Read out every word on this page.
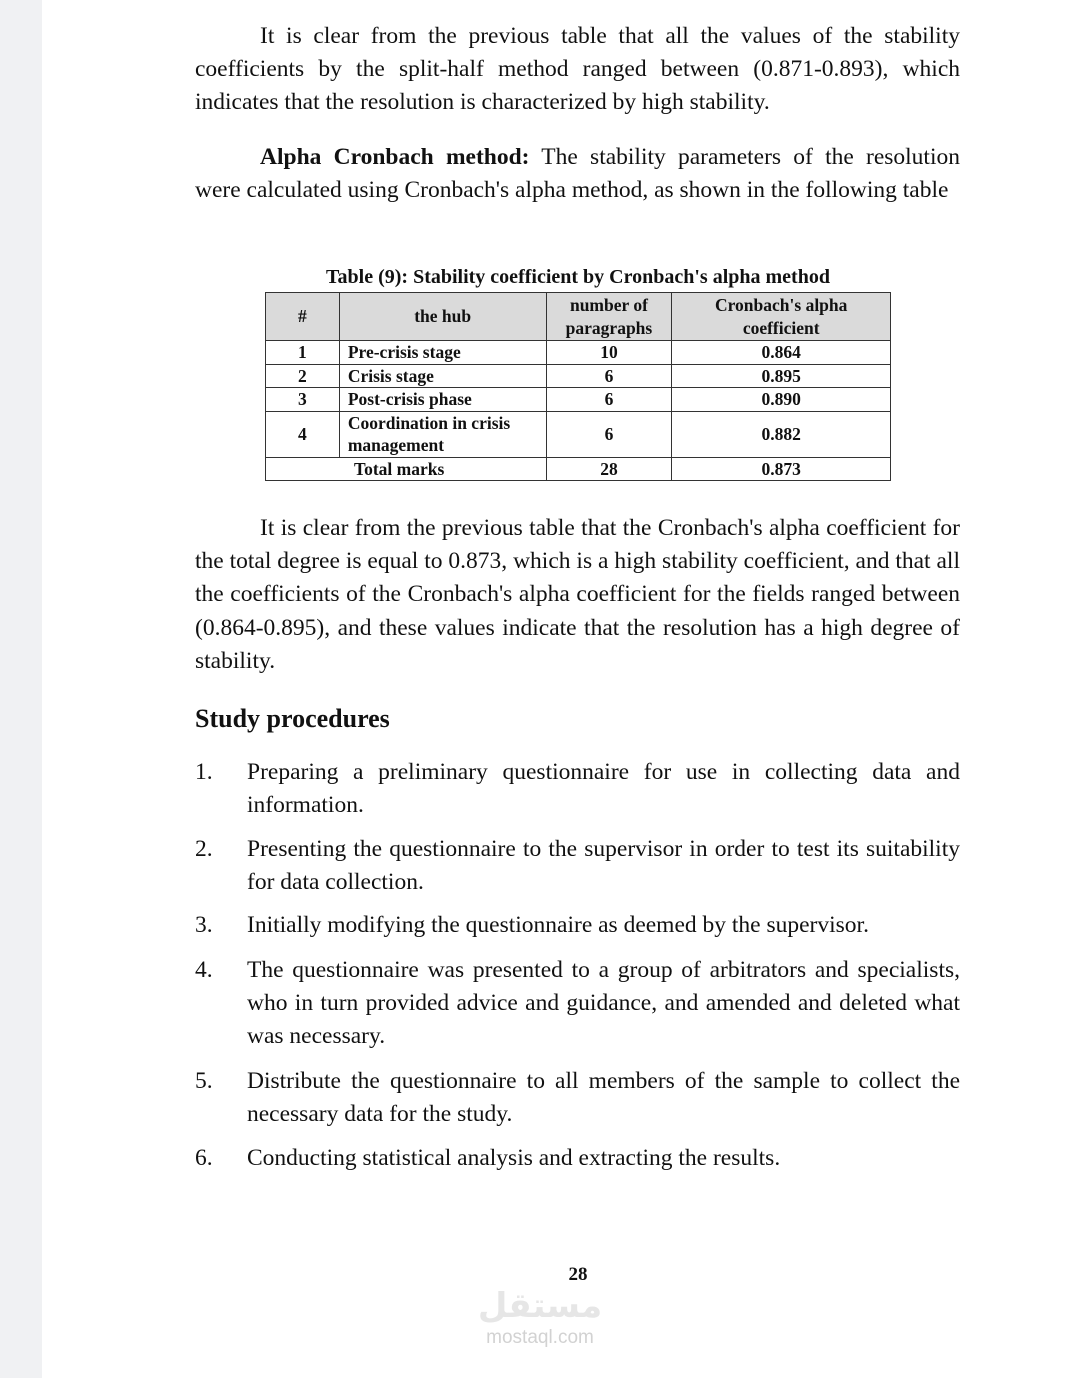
It is clear from the previous table that all the values of the stability coefficients by the split-half method ranged between (0.871-0.893), which indicates that the resolution is characterized by high stability.

Alpha Cronbach method: The stability parameters of the resolution were calculated using Cronbach's alpha method, as shown in the following table

Table (9): Stability coefficient by Cronbach's alpha method
#	the hub	number of paragraphs	Cronbach's alpha coefficient
1	Pre-crisis stage	10	0.864
2	Crisis stage	6	0.895
3	Post-crisis phase	6	0.890
4	Coordination in crisis management	6	0.882
Total marks		28	0.873

It is clear from the previous table that the Cronbach's alpha coefficient for the total degree is equal to 0.873, which is a high stability coefficient, and that all the coefficients of the Cronbach's alpha coefficient for the fields ranged between (0.864-0.895), and these values indicate that the resolution has a high degree of stability.

Study procedures
1.	Preparing a preliminary questionnaire for use in collecting data and information.
2.	Presenting the questionnaire to the supervisor in order to test its suitability for data collection.
3.	Initially modifying the questionnaire as deemed by the supervisor.
4.	The questionnaire was presented to a group of arbitrators and specialists, who in turn provided advice and guidance, and amended and deleted what was necessary.
5.	Distribute the questionnaire to all members of the sample to collect the necessary data for the study.
6.	Conducting statistical analysis and extracting the results.
28
مستقل
mostaql.com
